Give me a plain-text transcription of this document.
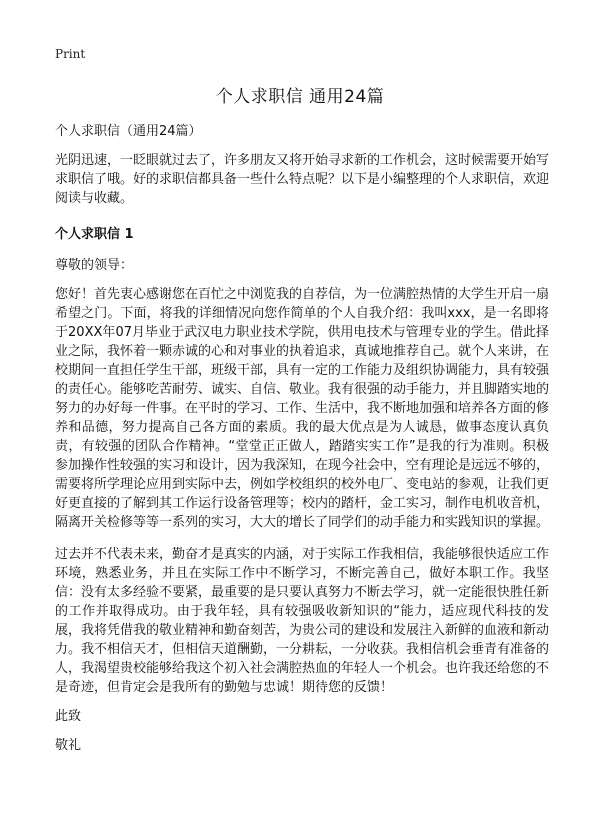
Print
个人求职信 通用24篇

个人求职信（通用24篇）

光阴迅速，一眨眼就过去了，许多朋友又将开始寻求新的工作机会，这时候需要开始写求职信了哦。好的求职信都具备一些什么特点呢？以下是小编整理的个人求职信，欢迎阅读与收藏。

个人求职信 1

尊敬的领导：

您好！首先衷心感谢您在百忙之中浏览我的自荐信，为一位满腔热情的大学生开启一扇希望之门。下面，将我的详细情况向您作简单的个人自我介绍：我叫xxx，是一名即将于20XX年07月毕业于武汉电力职业技术学院，供用电技术与管理专业的学生。借此择业之际，我怀着一颗赤诚的心和对事业的执着追求，真诚地推荐自己。就个人来讲，在校期间一直担任学生干部，班级干部，具有一定的工作能力及组织协调能力，具有较强的责任心。能够吃苦耐劳、诚实、自信、敬业。我有很强的动手能力，并且脚踏实地的努力的办好每一件事。在平时的学习、工作、生活中，我不断地加强和培养各方面的修养和品德，努力提高自己各方面的素质。我的最大优点是为人诚恳，做事态度认真负责，有较强的团队合作精神。“堂堂正正做人，踏踏实实工作”是我的行为准则。积极参加操作性较强的实习和设计，因为我深知，在现今社会中，空有理论是远远不够的，需要将所学理论应用到实际中去，例如学校组织的校外电厂、变电站的参观，让我们更好更直接的了解到其工作运行设备管理等；校内的踏杆，金工实习，制作电机收音机，隔离开关检修等等一系列的实习，大大的增长了同学们的动手能力和实践知识的掌握。

过去并不代表未来，勤奋才是真实的内涵，对于实际工作我相信，我能够很快适应工作环境，熟悉业务，并且在实际工作中不断学习，不断完善自己，做好本职工作。我坚信：没有太多经验不要紧，最重要的是只要认真努力不断去学习，就一定能很快胜任新的工作并取得成功。由于我年轻，具有较强吸收新知识的“能力，适应现代科技的发展，我将凭借我的敬业精神和勤奋刻苦，为贵公司的建设和发展注入新鲜的血液和新动力。我不相信天才，但相信天道酬勤，一分耕耘，一分收获。我相信机会垂青有准备的人，我渴望贵校能够给我这个初入社会满腔热血的年轻人一个机会。也许我还给您的不是奇迹，但肯定会是我所有的勤勉与忠诚！期待您的反馈！

此致

敬礼
